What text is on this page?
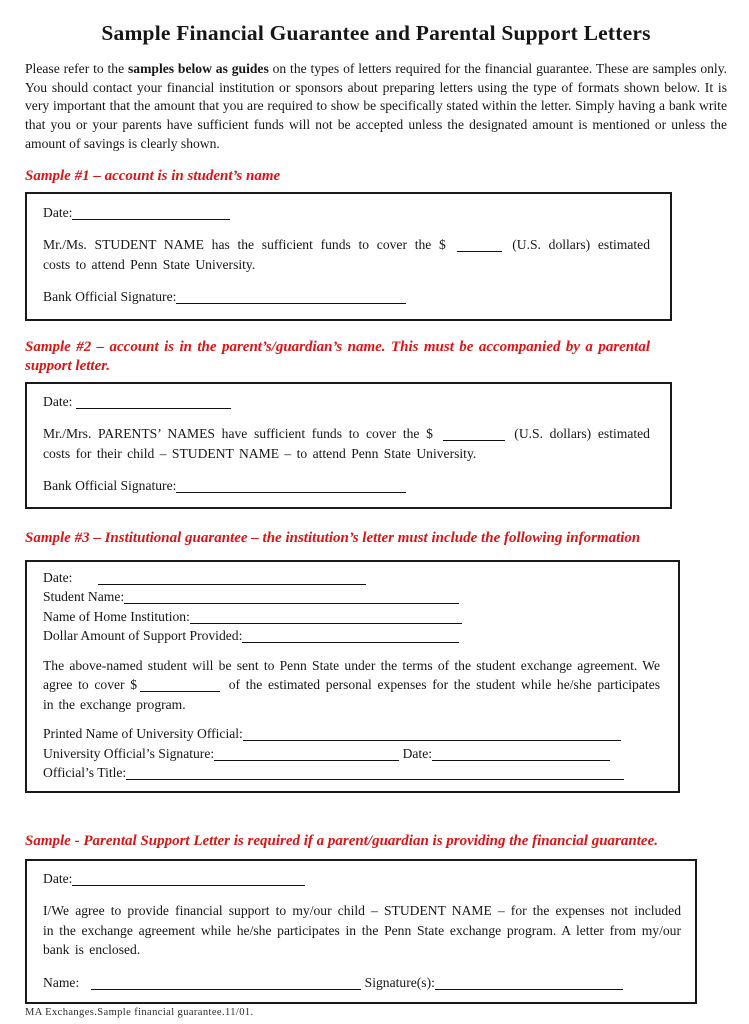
Sample Financial Guarantee and Parental Support Letters

Please refer to the samples below as guides on the types of letters required for the financial guarantee. These are samples only. You should contact your financial institution or sponsors about preparing letters using the type of formats shown below. It is very important that the amount that you are required to show be specifically stated within the letter. Simply having a bank write that you or your parents have sufficient funds will not be accepted unless the designated amount is mentioned or unless the amount of savings is clearly shown.

Sample #1 – account is in student’s name
Date:

Mr./Ms. STUDENT NAME has the sufficient funds to cover the $	(U.S. dollars) estimated costs to attend Penn State University.

Bank Official Signature:
Sample #2 – account is in the parent’s/guardian’s name. This must be accompanied by a parental support letter.
Date:

Mr./Mrs. PARENTS’ NAMES have sufficient funds to cover the $	(U.S. dollars) estimated costs for their child – STUDENT NAME – to attend Penn State University.

Bank Official Signature:
Sample #3 – Institutional guarantee – the institution’s letter must include the following information
Date:
Student Name:
Name of Home Institution:
Dollar Amount of Support Provided:

The above-named student will be sent to Penn State under the terms of the student exchange agreement. We agree to cover $	of the estimated personal expenses for the student while he/she participates in the exchange program.

Printed Name of University Official:
University Official’s Signature:	Date:
Official’s Title:
Sample - Parental Support Letter is required if a parent/guardian is providing the financial guarantee.
Date:

I/We agree to provide financial support to my/our child – STUDENT NAME – for the expenses not included in the exchange agreement while he/she participates in the Penn State exchange program. A letter from my/our bank is enclosed.

Name:	Signature(s):
MA Exchanges.Sample financial guarantee.11/01.
